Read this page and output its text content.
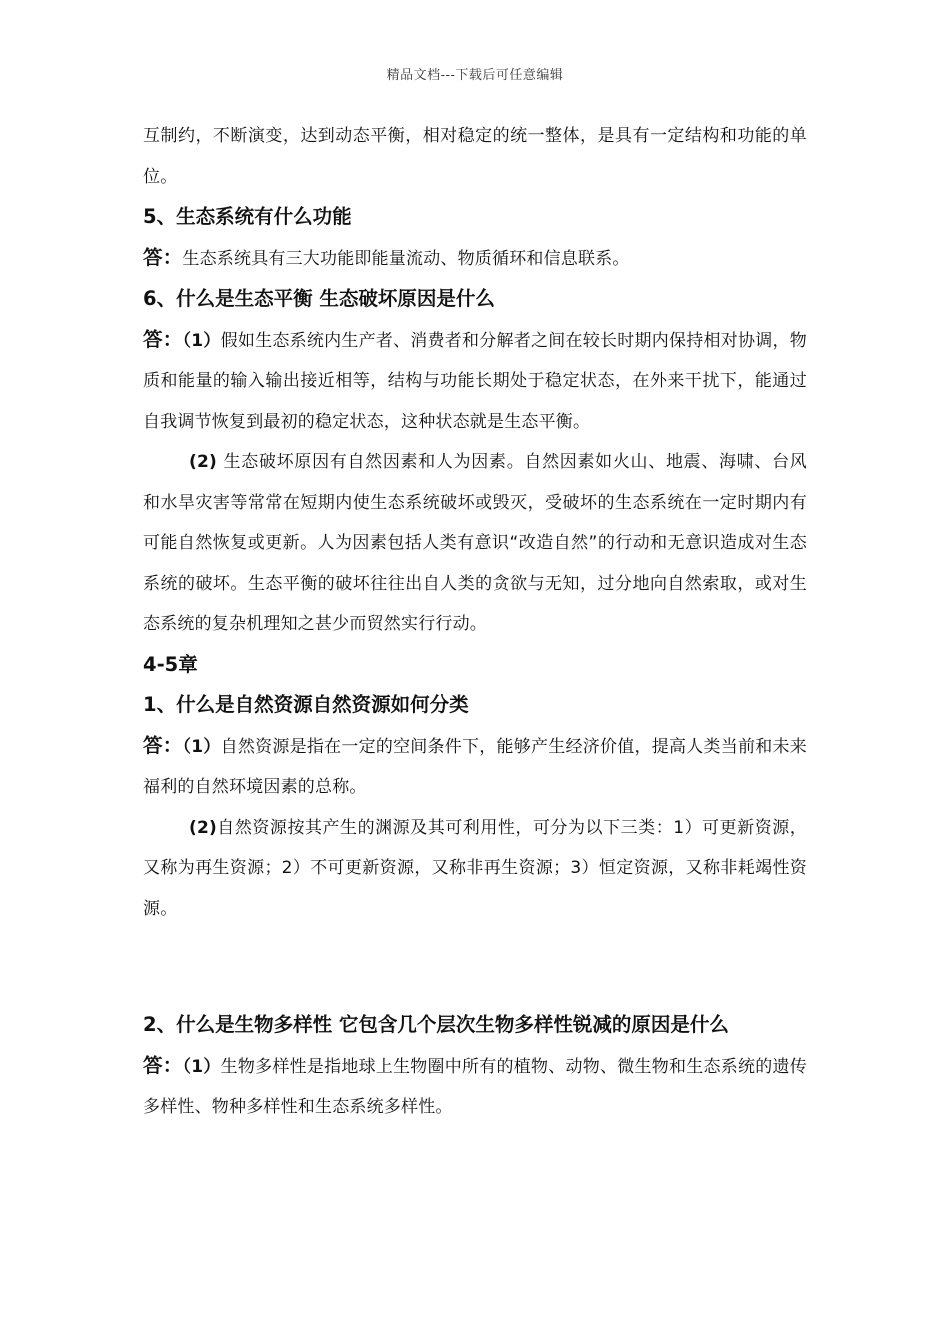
精品文档---下载后可任意编辑

互制约，不断演变，达到动态平衡，相对稳定的统一整体，是具有一定结构和功能的单位。

5、生态系统有什么功能

答：生态系统具有三大功能即能量流动、物质循环和信息联系。

6、什么是生态平衡 生态破坏原因是什么

答：（1）假如生态系统内生产者、消费者和分解者之间在较长时期内保持相对协调，物质和能量的输入输出接近相等，结构与功能长期处于稳定状态，在外来干扰下，能通过自我调节恢复到最初的稳定状态，这种状态就是生态平衡。

(2) 生态破坏原因有自然因素和人为因素。自然因素如火山、地震、海啸、台风和水旱灾害等常常在短期内使生态系统破坏或毁灭，受破坏的生态系统在一定时期内有可能自然恢复或更新。人为因素包括人类有意识“改造自然”的行动和无意识造成对生态系统的破坏。生态平衡的破坏往往出自人类的贪欲与无知，过分地向自然索取，或对生态系统的复杂机理知之甚少而贸然实行行动。

4-5章

1、什么是自然资源自然资源如何分类

答：（1）自然资源是指在一定的空间条件下，能够产生经济价值，提高人类当前和未来福利的自然环境因素的总称。

(2)自然资源按其产生的渊源及其可利用性，可分为以下三类：1）可更新资源，又称为再生资源；2）不可更新资源，又称非再生资源；3）恒定资源，又称非耗竭性资源。

2、什么是生物多样性 它包含几个层次生物多样性锐减的原因是什么

答：（1）生物多样性是指地球上生物圈中所有的植物、动物、微生物和生态系统的遗传多样性、物种多样性和生态系统多样性。
